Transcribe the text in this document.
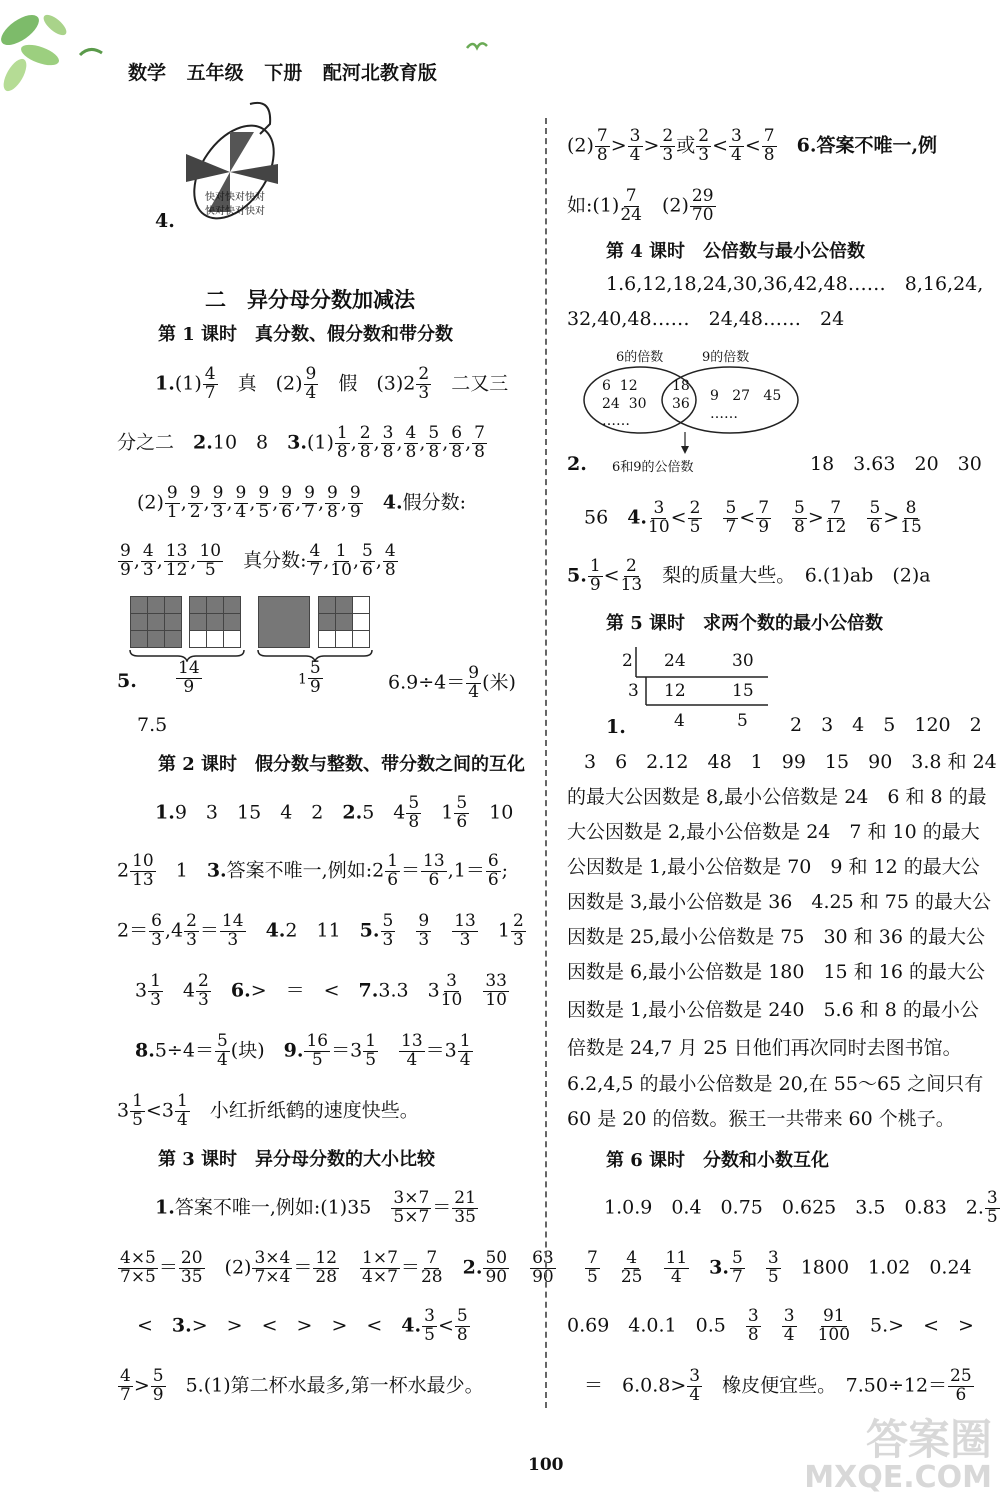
数学 五年级 下册 配河北教育版
快对快对快对
快对快对快对
4.
二　异分母分数加减法
第 1 课时　真分数、假分数和带分数
$1.(1) \frac{4}{7}$ 　真　$(2) \frac{9}{4}$ 　假　$(3)2 \frac{2}{3}$ 　二又三
分之二　2.10　8　$3.(1) \frac{1}{8}$ , $\frac{2}{8}$ , $\frac{3}{8}$ , $\frac{4}{8}$ , $\frac{5}{8}$ , $\frac{6}{8}$ , $\frac{7}{8}$
$(2) \frac{9}{1}$ , $\frac{9}{2}$ , $\frac{9}{3}$ , $\frac{9}{4}$ , $\frac{9}{5}$ , $\frac{9}{6}$ , $\frac{9}{7}$ , $\frac{9}{8}$ , $\frac{9}{9}$
　 4.假分数:
$\frac{9}{9}$ , $\frac{4}{3}$ , $\frac{13}{12}$ , $\frac{10}{5}$ 　真分数: $\frac{4}{7}$ , $\frac{1}{10}$ , $\frac{5}{6}$ , $\frac{4}{8}$
$\frac{14}{9}$	$1 \frac{5}{9}$
5.	$6.9\div 4= \frac{9}{4}$ (米)
7.5
第 2 课时　假分数与整数、带分数之间的互化
1.9　3　15　4　2　2.5　$4 \frac{5}{8}$ 　$1 \frac{5}{6}$ 　10
$2 \frac{10}{13}$ 　1　3.答案不唯一,例如:2 $\frac{1}{6} = \frac{13}{6} ,1= \frac{6}{6}$ ;
$2= \frac{6}{3} ,4 \frac{2}{3} = \frac{14}{3}$
　 4.2　11　5. $\frac{5}{3}$
　 $\frac{9}{3}$
　 $\frac{13}{3}$ 　$1 \frac{2}{3}$
$3 \frac{1}{3}$ 　$4 \frac{2}{3}$
　 6.>　＝　<　7.3.3　$3 \frac{3}{10}$
　 $\frac{33}{10}$
$8.5\div 4= \frac{5}{4}$ (块)　9. $\frac{16}{5} =3 \frac{1}{5}$
　 $\frac{13}{4} =3 \frac{1}{4}$
$3 \frac{1}{5} <3 \frac{1}{4}$
　 小红折纸鹤的速度快些。
第 3 课时　异分母分数的大小比较
1.答案不唯一,例如:(1)35　 $\frac{3\times 7}{5\times 7} = \frac{21}{35}$
$\frac{4\times 5}{7\times 5} = \frac{20}{35}$ 　$(2) \frac{3\times 4}{7\times 4} = \frac{12}{28}$
　 $\frac{1\times 7}{4\times 7} = \frac{7}{28}$
　 2. $\frac{50}{90}$
　 $\frac{63}{90}$
<　3.>　>　<　>　>　<　4. $\frac{3}{5} < \frac{5}{8}$
$\frac{4}{7} > \frac{5}{9}$
　 5.(1)第二杯水最多,第一杯水最少。
$(2) \frac{7}{8} > \frac{3}{4} > \frac{2}{3}$ 或 $\frac{2}{3} < \frac{3}{4} < \frac{7}{8}$
　 6.答案不唯一,例
如:(1) $\frac{7}{24}$
　 $(2) \frac{29}{70}$
第 4 课时　公倍数与最小公倍数
1.6,12,18,24,30,36,42,48……　8,16,24,
32,40,48……　24,48……　24
6的倍数	9的倍数
6  12
24  30
……
18
36 9   27   45
……
6和9的公倍数
2.	18　3.63　20　30
56　4. $\frac{3}{10} < \frac{2}{5}$
　 $\frac{5}{7} < \frac{7}{9}$
　 $\frac{5}{8} > \frac{7}{12}$
　 $\frac{5}{6} > \frac{8}{15}$
5. $\frac{1}{9} < \frac{2}{13}$
　 梨的质量大些。　 6.(1)ab　(2)a
第 5 课时　求两个数的最小公倍数
2 24	30
3 12	15
4	5
1.	2　3　4　5　120　2
3　6　2.12　48　1　99　15　90　3.8 和 24
的最大公因数是 8,最小公倍数是 24　6 和 8 的最
大公因数是 2,最小公倍数是 24　7 和 10 的最大
公因数是 1,最小公倍数是 70　9 和 12 的最大公
因数是 3,最小公倍数是 36　4.25 和 75 的最大公
因数是 25,最小公倍数是 75　30 和 36 的最大公
因数是 6,最小公倍数是 180　15 和 16 的最大公
因数是 1,最小公倍数是 240　5.6 和 8 的最小公
倍数是 24,7 月 25 日他们再次同时去图书馆。
6.2,4,5 的最小公倍数是 20,在 55～65 之间只有
60 是 20 的倍数。猴王一共带来 60 个桃子。
第 6 课时　分数和小数互化
1.0.9　0.4　0.75　0.625　3.5　0.83　2. $\frac{3}{5}$
$\frac{7}{5}$
　 $\frac{4}{25}$
　 $\frac{11}{4}$
　 3. $\frac{5}{7}$
　 $\frac{3}{5}$
　 1800　1.02　0.24
0.69　4.0.1　0.5　 $\frac{3}{8}$
　 $\frac{3}{4}$
　 $\frac{91}{100}$
　 5.>　<　>
＝　$6.0.8> \frac{3}{4}$
　 橡皮便宜些。　 $7.50\div 12= \frac{25}{6}$
100
答案圈
MXQE.COM
